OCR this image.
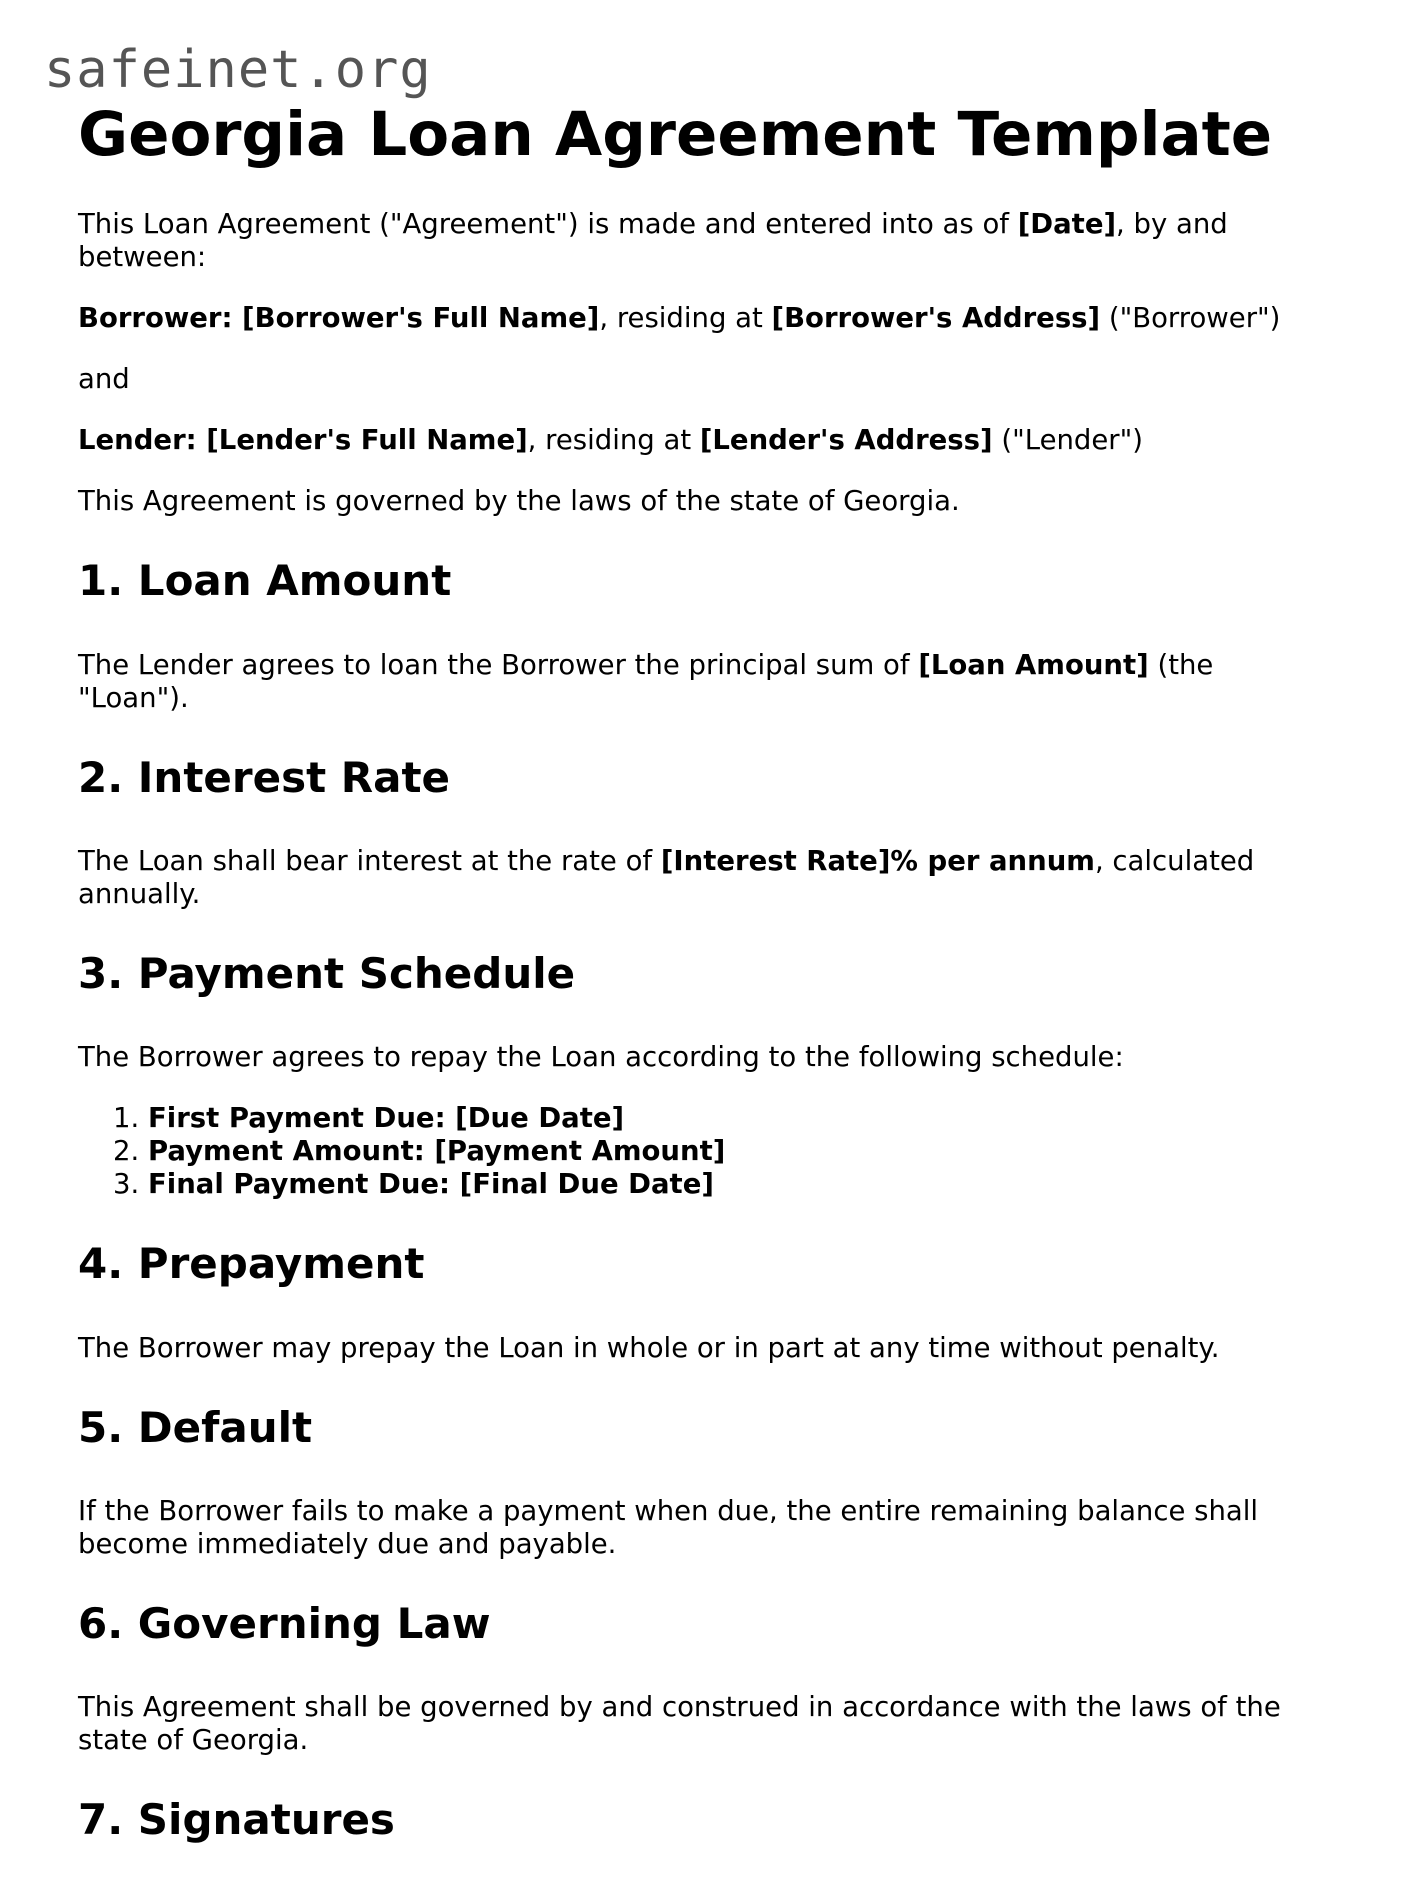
safeinet.org
Georgia Loan Agreement Template

This Loan Agreement ("Agreement") is made and entered into as of [Date], by and between:

Borrower: [Borrower's Full Name], residing at [Borrower's Address] ("Borrower")

and

Lender: [Lender's Full Name], residing at [Lender's Address] ("Lender")

This Agreement is governed by the laws of the state of Georgia.

1. Loan Amount

The Lender agrees to loan the Borrower the principal sum of [Loan Amount] (the "Loan").

2. Interest Rate

The Loan shall bear interest at the rate of [Interest Rate]% per annum, calculated annually.

3. Payment Schedule

The Borrower agrees to repay the Loan according to the following schedule:

1. First Payment Due: [Due Date]
2. Payment Amount: [Payment Amount]
3. Final Payment Due: [Final Due Date]
4. Prepayment

The Borrower may prepay the Loan in whole or in part at any time without penalty.

5. Default

If the Borrower fails to make a payment when due, the entire remaining balance shall become immediately due and payable.

6. Governing Law

This Agreement shall be governed by and construed in accordance with the laws of the state of Georgia.

7. Signatures
